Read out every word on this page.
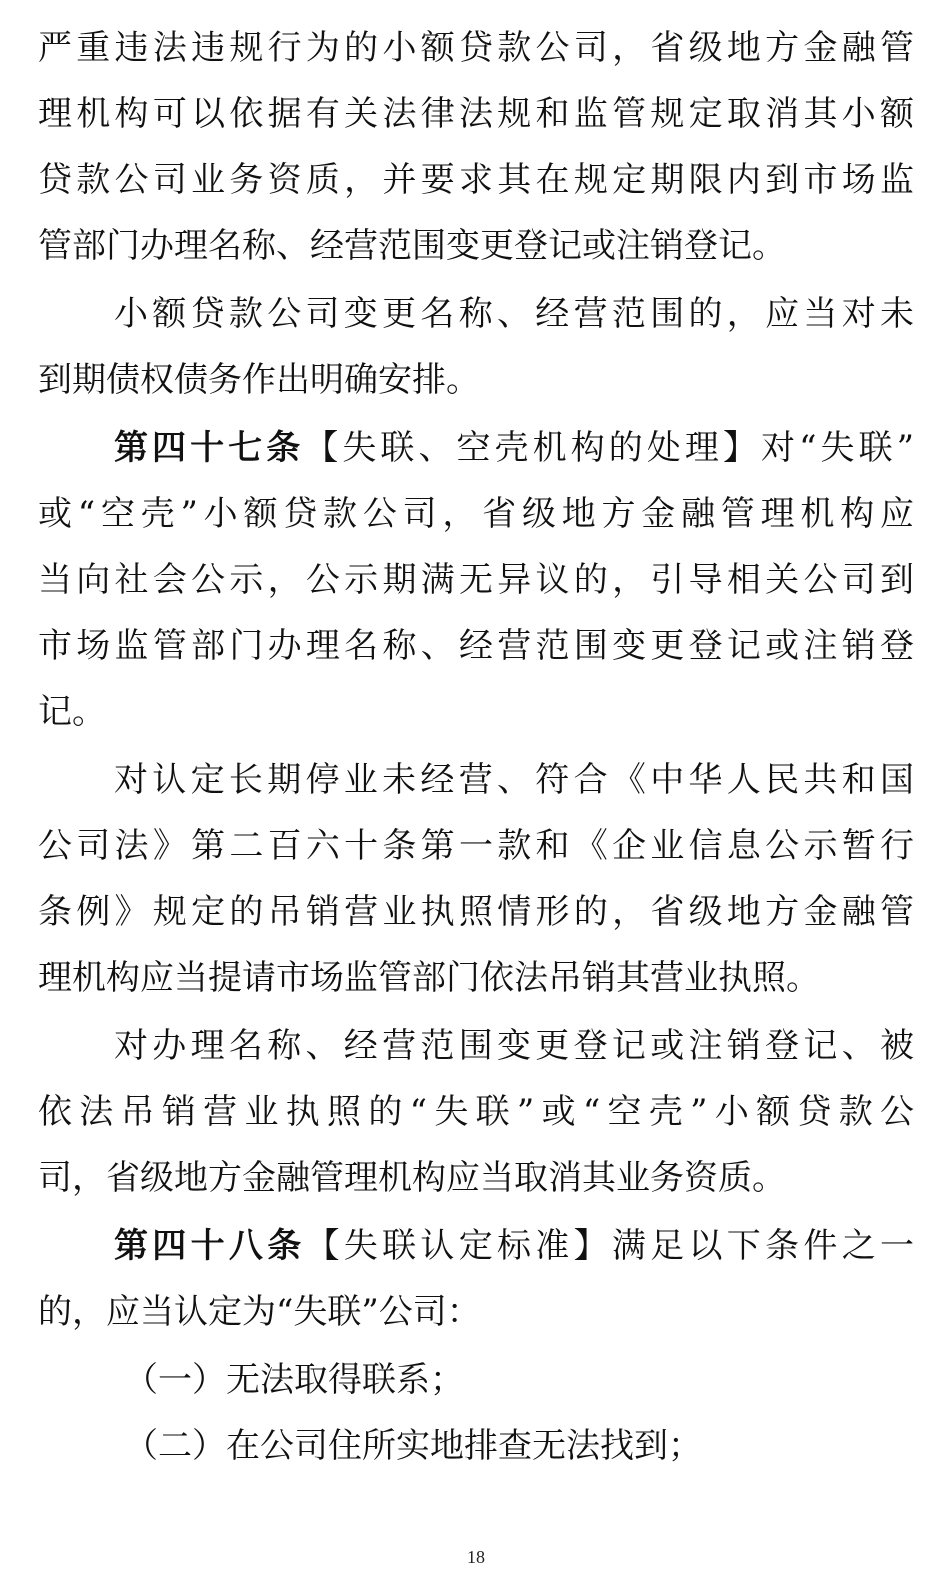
严重违法违规行为的小额贷款公司，省级地方金融管
理机构可以依据有关法律法规和监管规定取消其小额
贷款公司业务资质，并要求其在规定期限内到市场监
管部门办理名称、经营范围变更登记或注销登记。
小额贷款公司变更名称、经营范围的，应当对未
到期债权债务作出明确安排。
第四十七条【失联、空壳机构的处理】对“失联”
或“空壳”小额贷款公司，省级地方金融管理机构应
当向社会公示，公示期满无异议的，引导相关公司到
市场监管部门办理名称、经营范围变更登记或注销登
记。
对认定长期停业未经营、符合《中华人民共和国
公司法》第二百六十条第一款和《企业信息公示暂行
条例》规定的吊销营业执照情形的，省级地方金融管
理机构应当提请市场监管部门依法吊销其营业执照。
对办理名称、经营范围变更登记或注销登记、被
依法吊销营业执照的“失联”或“空壳”小额贷款公
司，省级地方金融管理机构应当取消其业务资质。
第四十八条【失联认定标准】满足以下条件之一
的，应当认定为“失联”公司：
（一）无法取得联系；
（二）在公司住所实地排查无法找到；
18
